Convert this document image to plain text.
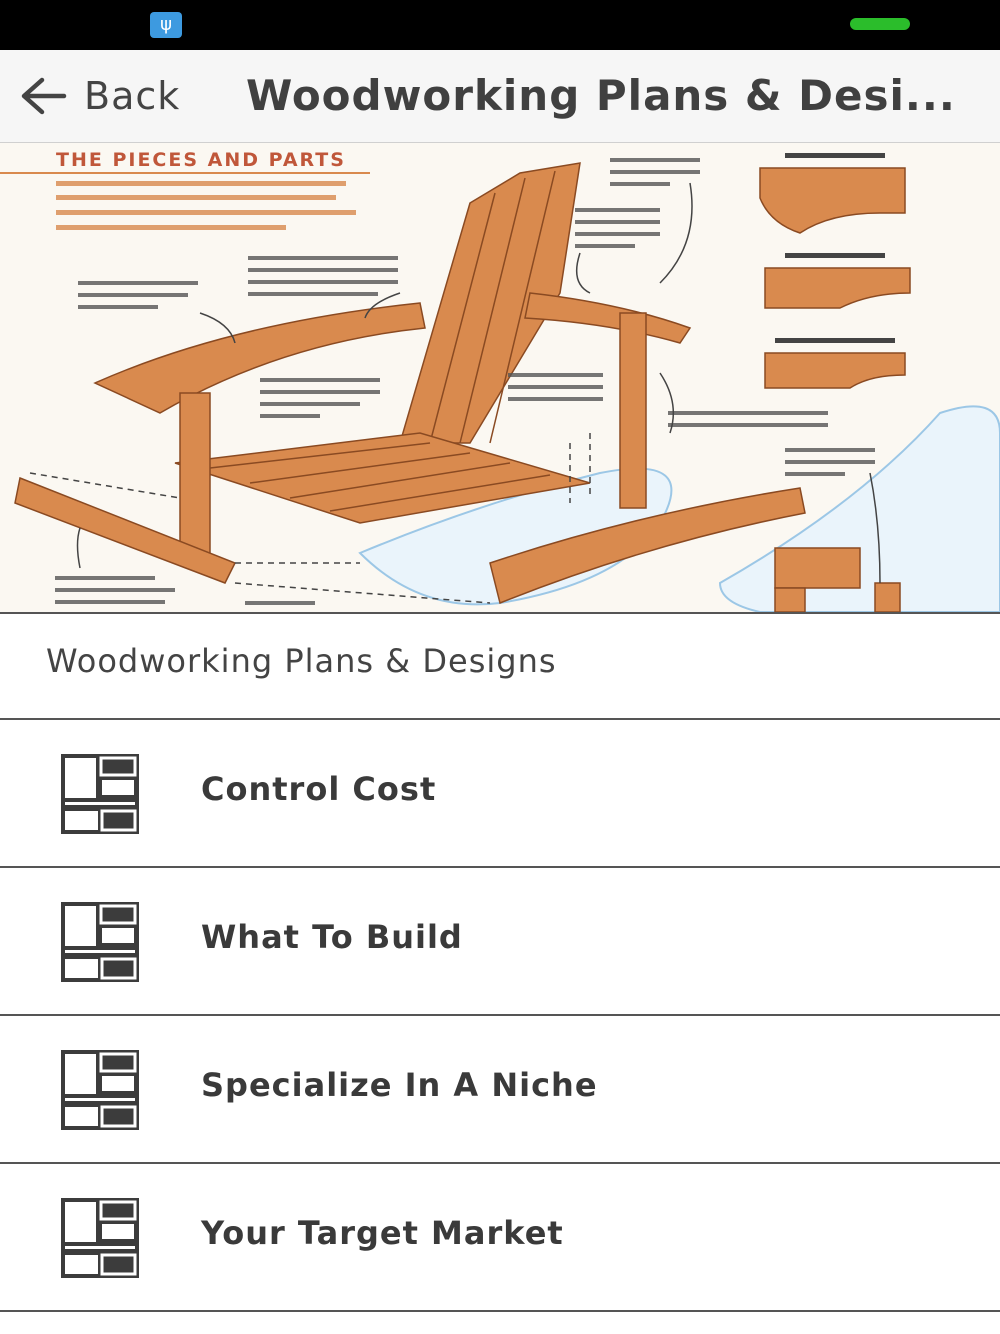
ψ
Back Woodworking Plans & Desi...
THE PIECES AND PARTS
Woodworking Plans & Designs
Control Cost
What To Build
Specialize In A Niche
Your Target Market
